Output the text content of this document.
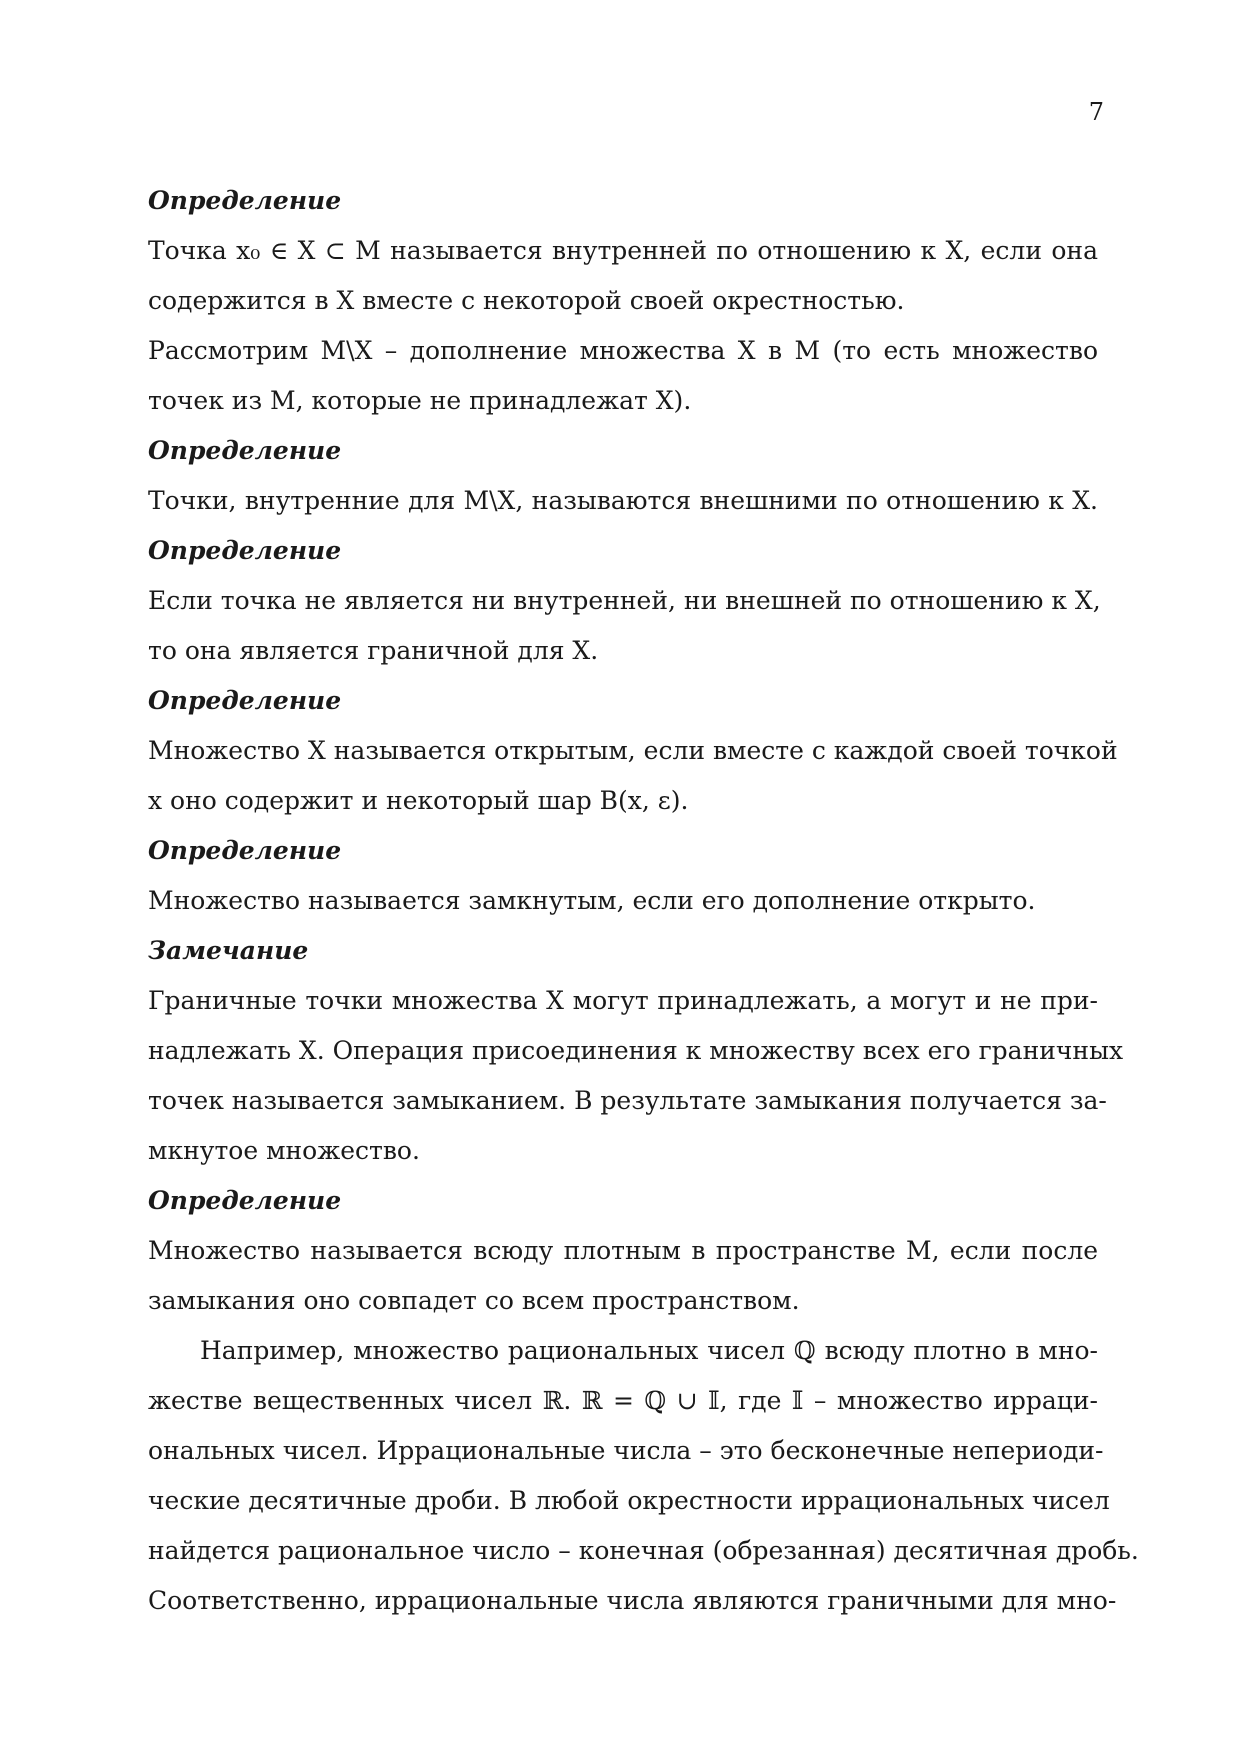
7
Определение
Точка x₀ ∈ X ⊂ M называется внутренней по отношению к X, если она
содержится в X вместе с некоторой своей окрестностью.
Рассмотрим M\X – дополнение множества X в M (то есть множество
точек из M, которые не принадлежат X).
Определение
Точки, внутренние для M\X, называются внешними по отношению к X.
Определение
Если точка не является ни внутренней, ни внешней по отношению к X,
то она является граничной для X.
Определение
Множество X называется открытым, если вместе с каждой своей точкой
x оно содержит и некоторый шар B(x, ε).
Определение
Множество называется замкнутым, если его дополнение открыто.
Замечание
Граничные точки множества X могут принадлежать, а могут и не при-
надлежать X. Операция присоединения к множеству всех его граничных
точек называется замыканием. В результате замыкания получается за-
мкнутое множество.
Определение
Множество называется всюду плотным в пространстве M, если после
замыкания оно совпадет со всем пространством.
Например, множество рациональных чисел ℚ всюду плотно в мно-
жестве вещественных чисел ℝ. ℝ = ℚ ∪ 𝕀, где 𝕀 – множество ирраци-
ональных чисел. Иррациональные числа – это бесконечные непериоди-
ческие десятичные дроби. В любой окрестности иррациональных чисел
найдется рациональное число – конечная (обрезанная) десятичная дробь.
Соответственно, иррациональные числа являются граничными для мно-
